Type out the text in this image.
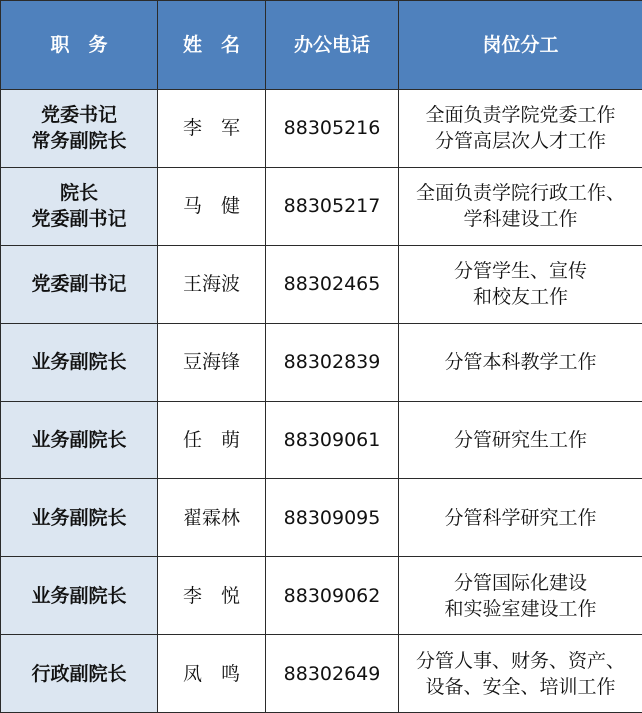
职　务	姓　名	办公电话	岗位分工

党委书记
常务副院长	李　军	88305216	全面负责学院党委工作
分管高层次人才工作

院长
党委副书记	马　健	88305217	全面负责学院行政工作、
学科建设工作

党委副书记	王海波	88302465	分管学生、宣传
和校友工作

业务副院长	豆海锋	88302839	分管本科教学工作

业务副院长	任　萌	88309061	分管研究生工作

业务副院长	翟霖林	88309095	分管科学研究工作

业务副院长	李　悦	88309062	分管国际化建设
和实验室建设工作

行政副院长	凤　鸣	88302649	分管人事、财务、资产、
设备、安全、培训工作
